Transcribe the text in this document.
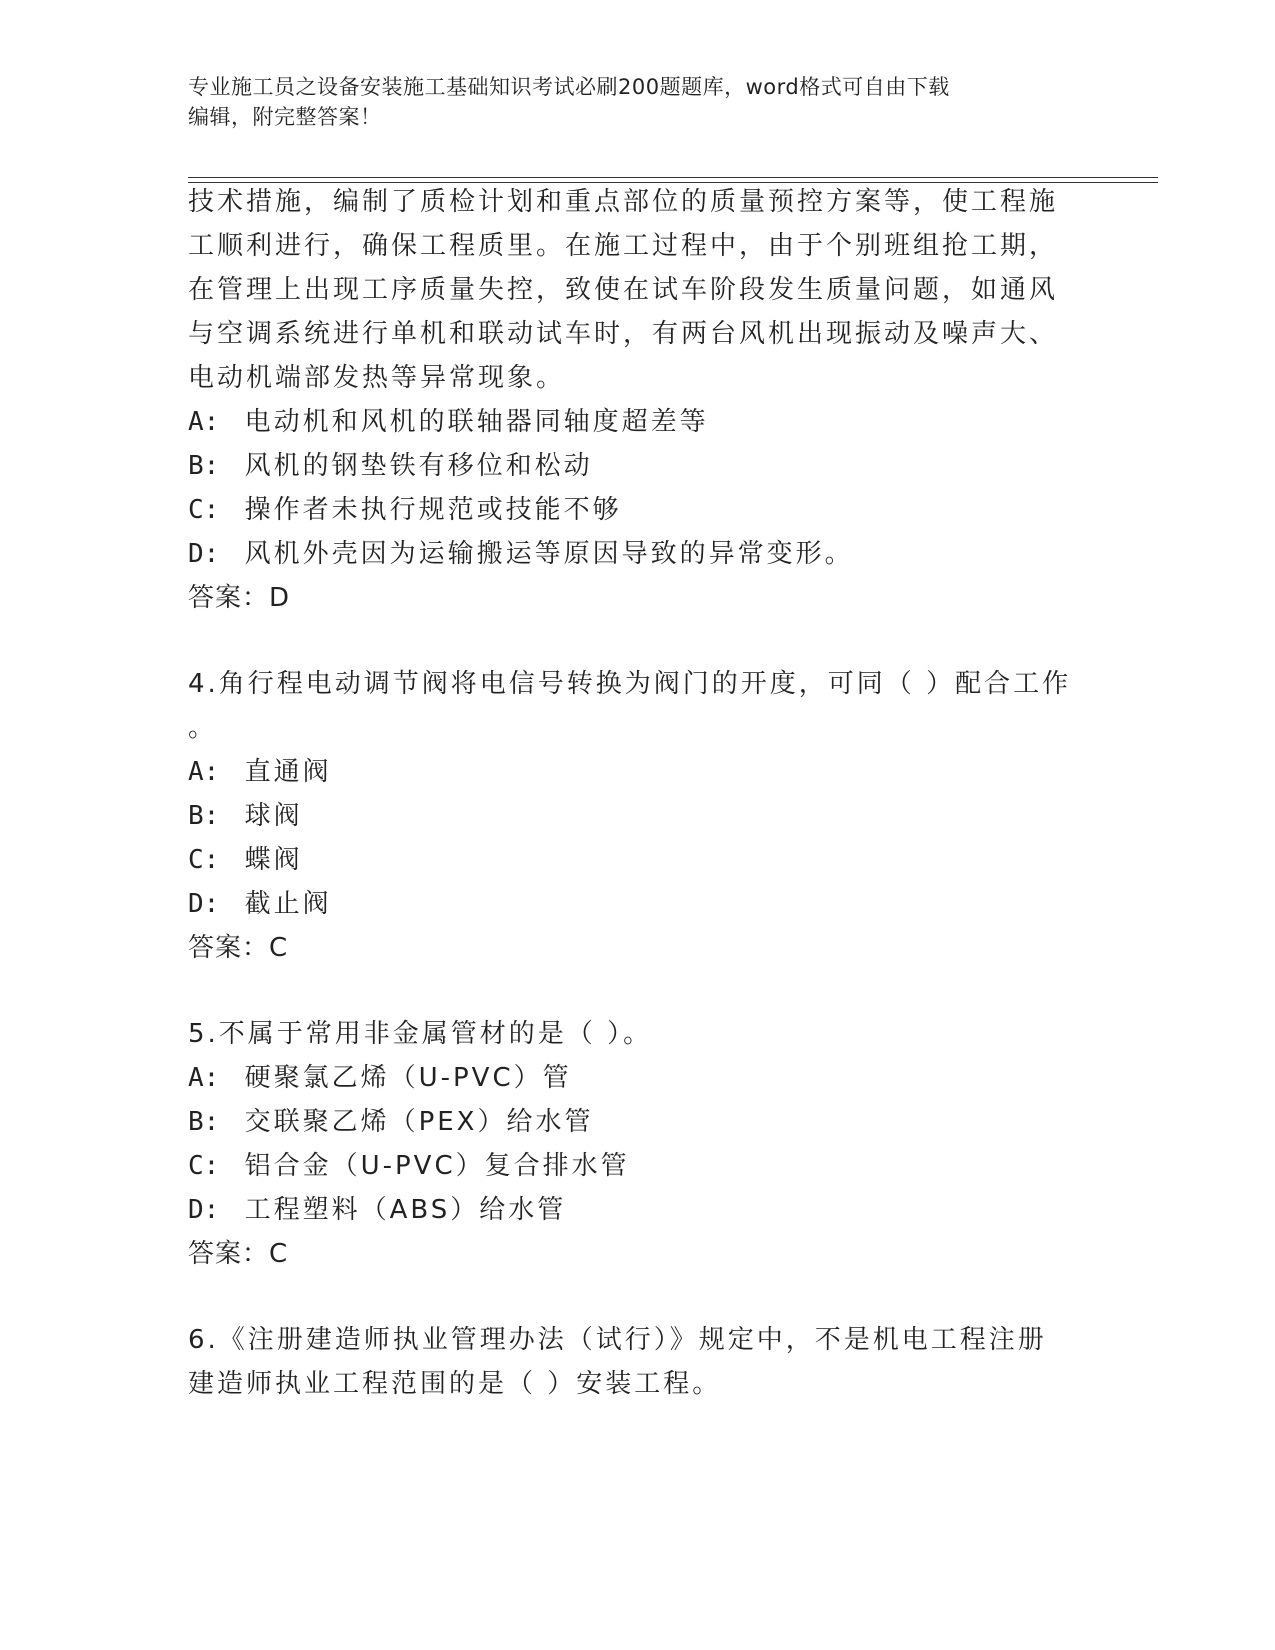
专业施工员之设备安装施工基础知识考试必刷200题题库，word格式可自由下载
编辑，附完整答案！
技术措施，编制了质检计划和重点部位的质量预控方案等，使工程施
工顺利进行，确保工程质里。在施工过程中，由于个别班组抢工期，
在管理上出现工序质量失控，致使在试车阶段发生质量问题，如通风
与空调系统进行单机和联动试车时，有两台风机出现振动及噪声大、
电动机端部发热等异常现象。
A: 电动机和风机的联轴器同轴度超差等
B: 风机的钢垫铁有移位和松动
C: 操作者未执行规范或技能不够
D: 风机外壳因为运输搬运等原因导致的异常变形。
答案：D
4.角行程电动调节阀将电信号转换为阀门的开度，可同（ ）配合工作
。
A: 直通阀
B: 球阀
C: 蝶阀
D: 截止阀
答案：C
5.不属于常用非金属管材的是（ ）。
A: 硬聚氯乙烯（U-PVC）管
B: 交联聚乙烯（PEX）给水管
C: 铝合金（U-PVC）复合排水管
D: 工程塑料（ABS）给水管
答案：C
6.《注册建造师执业管理办法（试行）》规定中，不是机电工程注册
建造师执业工程范围的是（ ）安装工程。
